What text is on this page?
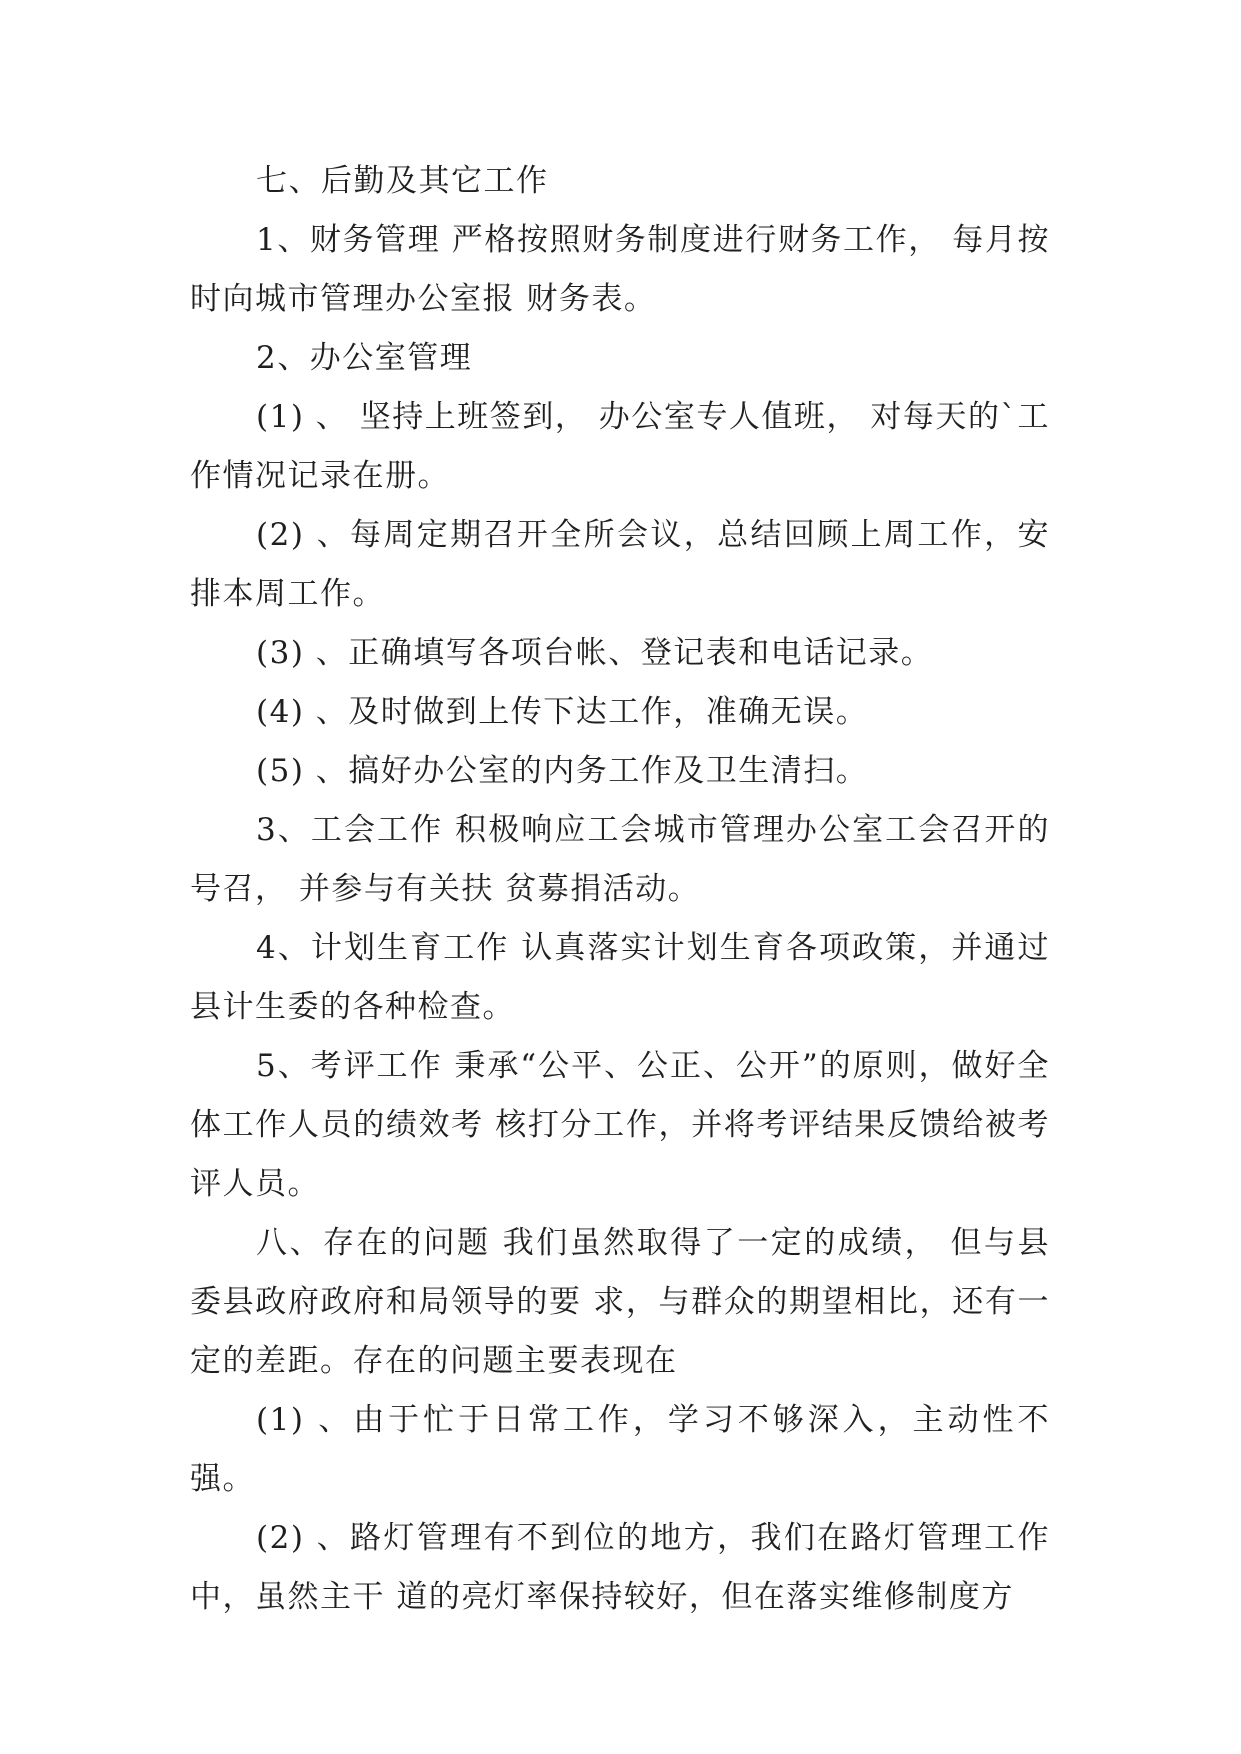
七、后勤及其它工作

1、财务管理 严格按照财务制度进行财务工作， 每月按时向城市管理办公室报 财务表。

2、办公室管理

(1) 、 坚持上班签到， 办公室专人值班， 对每天的`工作情况记录在册。

(2) 、每周定期召开全所会议，总结回顾上周工作，安排本周工作。

(3) 、正确填写各项台帐、登记表和电话记录。

(4) 、及时做到上传下达工作，准确无误。

(5) 、搞好办公室的内务工作及卫生清扫。

3、工会工作 积极响应工会城市管理办公室工会召开的号召， 并参与有关扶 贫募捐活动。

4、计划生育工作 认真落实计划生育各项政策，并通过县计生委的各种检查。

5、考评工作 秉承“公平、公正、公开”的原则，做好全体工作人员的绩效考 核打分工作，并将考评结果反馈给被考评人员。

八、存在的问题 我们虽然取得了一定的成绩， 但与县委县政府政府和局领导的要 求，与群众的期望相比，还有一定的差距。存在的问题主要表现在

(1) 、由于忙于日常工作，学习不够深入，主动性不强。

(2) 、路灯管理有不到位的地方，我们在路灯管理工作中，虽然主干 道的亮灯率保持较好，但在落实维修制度方
